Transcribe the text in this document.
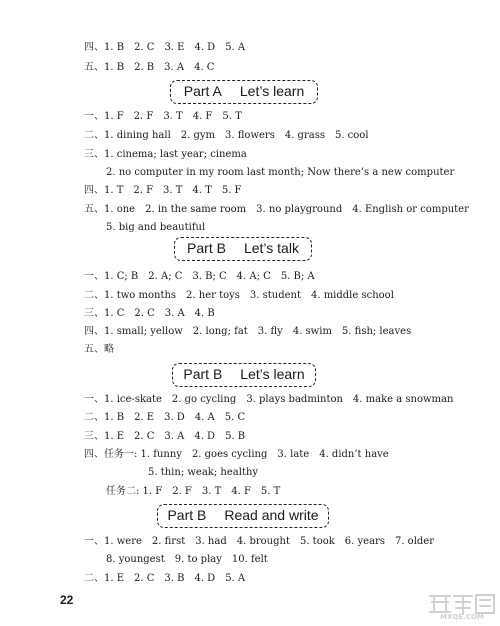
四、1. B　2. C　3. E　4. D　5. A
五、1. B　2. B　3. A　4. C
Part A Let’s learn
一、1. F　2. F　3. T　4. F　5. T
二、1. dining hall　2. gym　3. flowers　4. grass　5. cool
三、1. cinema; last year; cinema
2. no computer in my room last month; Now there’s a new computer
四、1. T　2. F　3. T　4. T　5. F
五、1. one　2. in the same room　3. no playground　4. English or computer
5. big and beautiful
Part B Let’s talk
一、1. C; B　2. A; C　3. B; C　4. A; C　5. B; A
二、1. two months　2. her toys　3. student　4. middle school
三、1. C　2. C　3. A　4. B
四、1. small; yellow　2. long; fat　3. fly　4. swim　5. fish; leaves
五、略
Part B Let’s learn
一、1. ice-skate　2. go cycling　3. plays badminton　4. make a snowman
二、1. B　2. E　3. D　4. A　5. C
三、1. E　2. C　3. A　4. D　5. B
四、任务一: 1. funny　2. goes cycling　3. late　4. didn’t have
5. thin; weak; healthy
任务二: 1. F　2. F　3. T　4. F　5. T
Part B Read and write
一、1. were　2. first　3. had　4. brought　5. took　6. years　7. older
8. youngest　9. to play　10. felt
二、1. E　2. C　3. B　4. D　5. A
22
MXQE.COM
